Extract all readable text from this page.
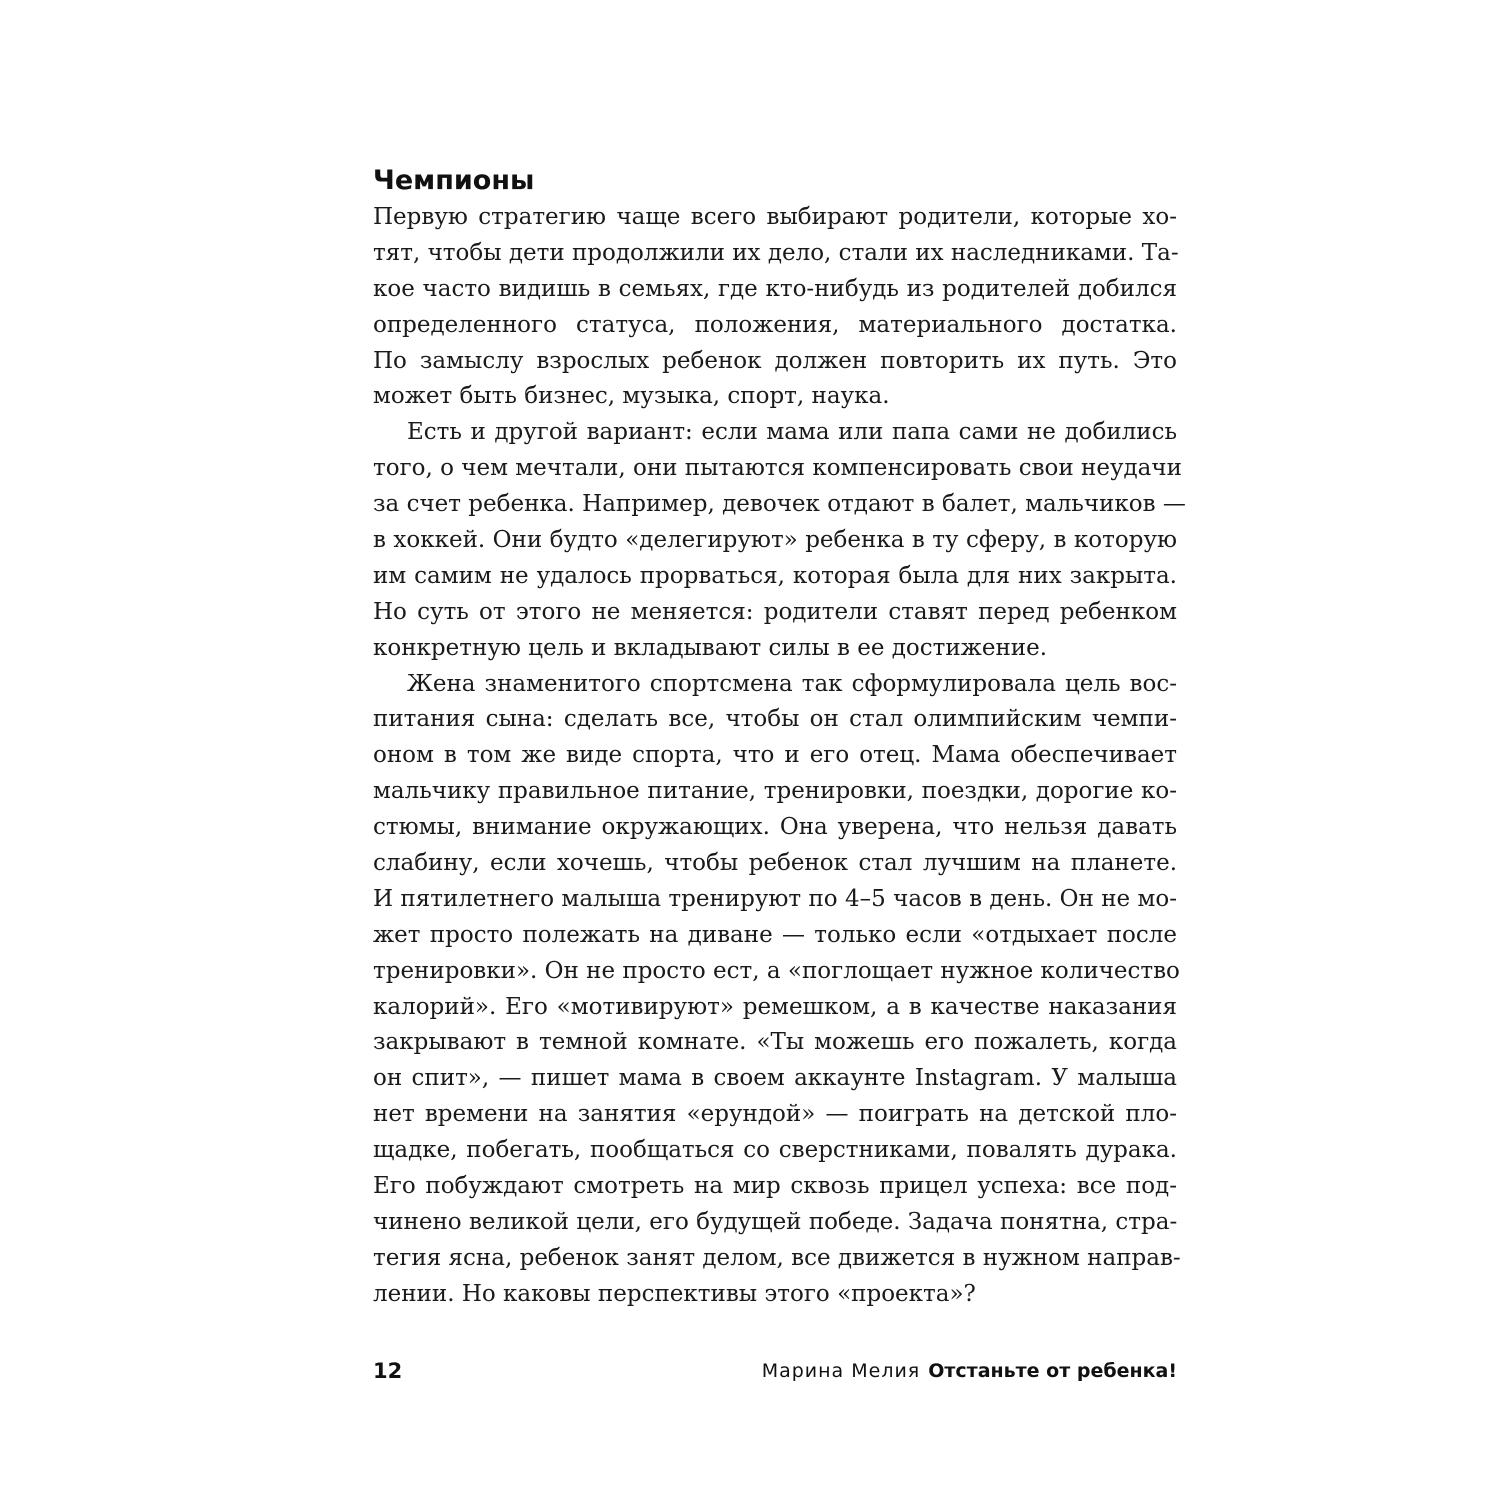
Чемпионы
Первую стратегию чаще всего выбирают родители, которые хо-
тят, чтобы дети продолжили их дело, стали их наследниками. Та-
кое часто видишь в семьях, где кто-нибудь из родителей добился
определенного статуса, положения, материального достатка.
По замыслу взрослых ребенок должен повторить их путь. Это
может быть бизнес, музыка, спорт, наука.
Есть и другой вариант: если мама или папа сами не добились
того, о чем мечтали, они пытаются компенсировать свои неудачи
за счет ребенка. Например, девочек отдают в балет, мальчиков —
в хоккей. Они будто «делегируют» ребенка в ту сферу, в которую
им самим не удалось прорваться, которая была для них закрыта.
Но суть от этого не меняется: родители ставят перед ребенком
конкретную цель и вкладывают силы в ее достижение.
Жена знаменитого спортсмена так сформулировала цель вос-
питания сына: сделать все, чтобы он стал олимпийским чемпи-
оном в том же виде спорта, что и его отец. Мама обеспечивает
мальчику правильное питание, тренировки, поездки, дорогие ко-
стюмы, внимание окружающих. Она уверена, что нельзя давать
слабину, если хочешь, чтобы ребенок стал лучшим на планете.
И пятилетнего малыша тренируют по 4–5 часов в день. Он не мо-
жет просто полежать на диване — только если «отдыхает после
тренировки». Он не просто ест, а «поглощает нужное количество
калорий». Его «мотивируют» ремешком, а в качестве наказания
закрывают в темной комнате. «Ты можешь его пожалеть, когда
он спит», — пишет мама в своем аккаунте Instagram. У малыша
нет времени на занятия «ерундой» — поиграть на детской пло-
щадке, побегать, пообщаться со сверстниками, повалять дурака.
Его побуждают смотреть на мир сквозь прицел успеха: все под-
чинено великой цели, его будущей победе. Задача понятна, стра-
тегия ясна, ребенок занят делом, все движется в нужном направ-
лении. Но каковы перспективы этого «проекта»?
12	Марина Мелия Отстаньте от ребенка!
